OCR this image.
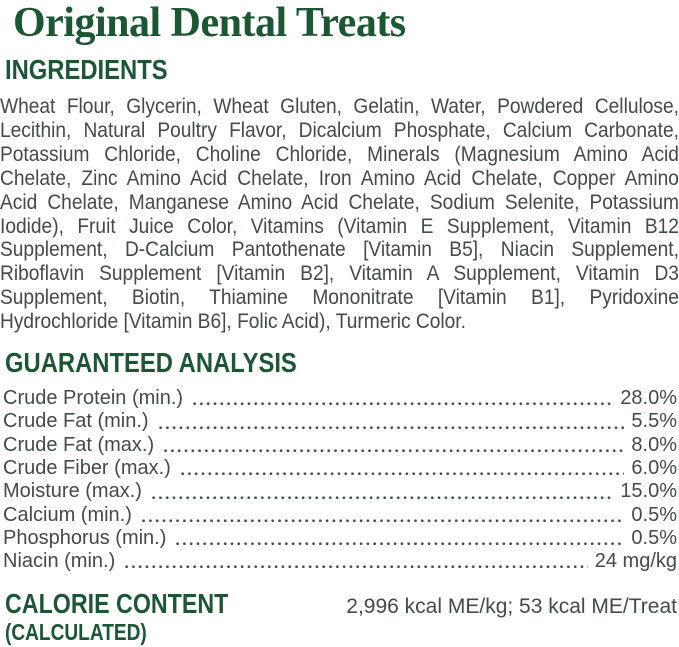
Original Dental Treats
INGREDIENTS
Wheat Flour, Glycerin, Wheat Gluten, Gelatin, Water, Powdered Cellulose,
Lecithin, Natural Poultry Flavor, Dicalcium Phosphate, Calcium Carbonate,
Potassium Chloride, Choline Chloride, Minerals (Magnesium Amino Acid
Chelate, Zinc Amino Acid Chelate, Iron Amino Acid Chelate, Copper Amino
Acid Chelate, Manganese Amino Acid Chelate, Sodium Selenite, Potassium
Iodide), Fruit Juice Color, Vitamins (Vitamin E Supplement, Vitamin B12
Supplement, D-Calcium Pantothenate [Vitamin B5], Niacin Supplement,
Riboflavin Supplement [Vitamin B2], Vitamin A Supplement, Vitamin D3
Supplement, Biotin, Thiamine Mononitrate [Vitamin B1], Pyridoxine
Hydrochloride [Vitamin B6], Folic Acid), Turmeric Color.
GUARANTEED ANALYSIS
Crude Protein (min.)	28.0%
Crude Fat (min.)	5.5%
Crude Fat (max.)	8.0%
Crude Fiber (max.)	6.0%
Moisture (max.)	15.0%
Calcium (min.)	0.5%
Phosphorus (min.)	0.5%
Niacin (min.)	24 mg/kg
CALORIE CONTENT
(CALCULATED)
2,996 kcal ME/kg; 53 kcal ME/Treat
